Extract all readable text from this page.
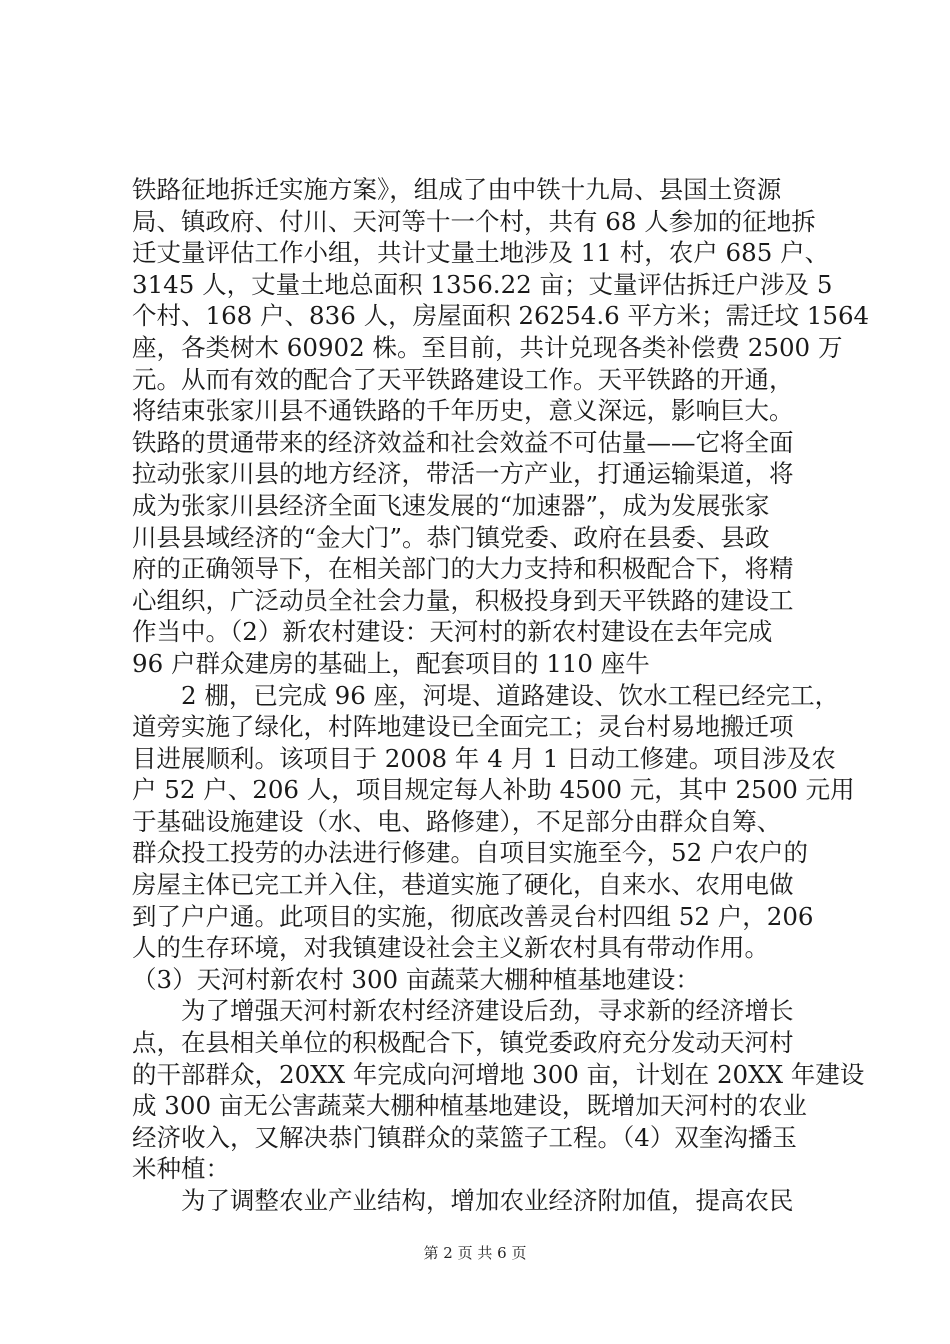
铁路征地拆迁实施方案》，组成了由中铁十九局、县国土资源
局、镇政府、付川、天河等十一个村，共有 68 人参加的征地拆
迁丈量评估工作小组，共计丈量土地涉及 11 村，农户 685 户、
3145 人，丈量土地总面积 1356.22 亩；丈量评估拆迁户涉及 5
个村、168 户、836 人，房屋面积 26254.6 平方米；需迁坟 1564
座，各类树木 60902 株。至目前，共计兑现各类补偿费 2500 万
元。从而有效的配合了天平铁路建设工作。天平铁路的开通，
将结束张家川县不通铁路的千年历史，意义深远，影响巨大。
铁路的贯通带来的经济效益和社会效益不可估量——它将全面
拉动张家川县的地方经济，带活一方产业，打通运输渠道，将
成为张家川县经济全面飞速发展的“加速器”，成为发展张家
川县县域经济的“金大门”。恭门镇党委、政府在县委、县政
府的正确领导下，在相关部门的大力支持和积极配合下，将精
心组织，广泛动员全社会力量，积极投身到天平铁路的建设工
作当中。（2）新农村建设：天河村的新农村建设在去年完成
96 户群众建房的基础上，配套项目的 110 座牛
2 棚，已完成 96 座，河堤、道路建设、饮水工程已经完工，
道旁实施了绿化，村阵地建设已全面完工；灵台村易地搬迁项
目进展顺利。该项目于 2008 年 4 月 1 日动工修建。项目涉及农
户 52 户、206 人，项目规定每人补助 4500 元，其中 2500 元用
于基础设施建设（水、电、路修建），不足部分由群众自筹、
群众投工投劳的办法进行修建。自项目实施至今，52 户农户的
房屋主体已完工并入住，巷道实施了硬化，自来水、农用电做
到了户户通。此项目的实施，彻底改善灵台村四组 52 户，206
人的生存环境，对我镇建设社会主义新农村具有带动作用。
（3）天河村新农村 300 亩蔬菜大棚种植基地建设：
为了增强天河村新农村经济建设后劲，寻求新的经济增长
点，在县相关单位的积极配合下，镇党委政府充分发动天河村
的干部群众，20XX 年完成向河增地 300 亩，计划在 20XX 年建设
成 300 亩无公害蔬菜大棚种植基地建设，既增加天河村的农业
经济收入，又解决恭门镇群众的菜篮子工程。（4）双奎沟播玉
米种植：
为了调整农业产业结构，增加农业经济附加值，提高农民
第 2 页 共 6 页
